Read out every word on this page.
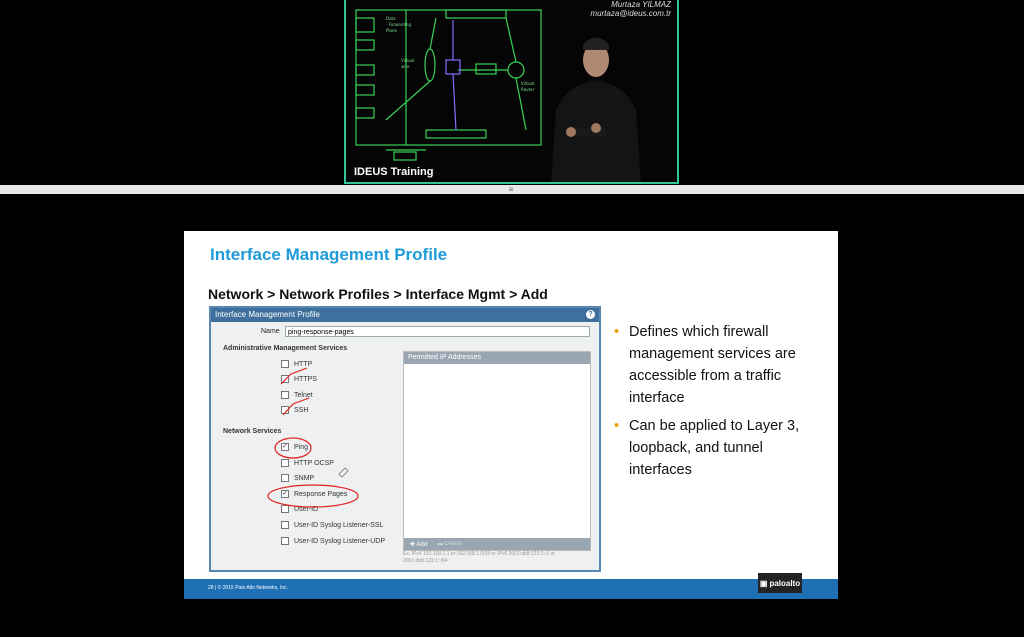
Data
- Forwarding
Plane
Virtual
wire
Virtual
Router
Murtaza YILMAZ
murtaza@ideus.com.tr
IDEUS Training
≡
Interface Management Profile
Network > Network Profiles > Interface Mgmt > Add
Interface Management Profile	?
Name	ping-response-pages
Administrative Management Services
HTTP
HTTPS
Telnet
SSH
Network Services
✓ Ping
HTTP OCSP
SNMP
✓ Response Pages
User-ID
User-ID Syslog Listener-SSL
User-ID Syslog Listener-UDP
Permitted IP Addresses
✚ Add ▬ Delete
Ex. IPv4 192.168.1.1 or 192.168.1.0/24 or IPv6 2001:db8:123:1::1 or 2001:db8:123:1::/64
• Defines which firewall management services are accessible from a traffic interface
• Can be applied to Layer 3, loopback, and tunnel interfaces
28 | © 2015 Palo Alto Networks, Inc.
▣ paloalto
